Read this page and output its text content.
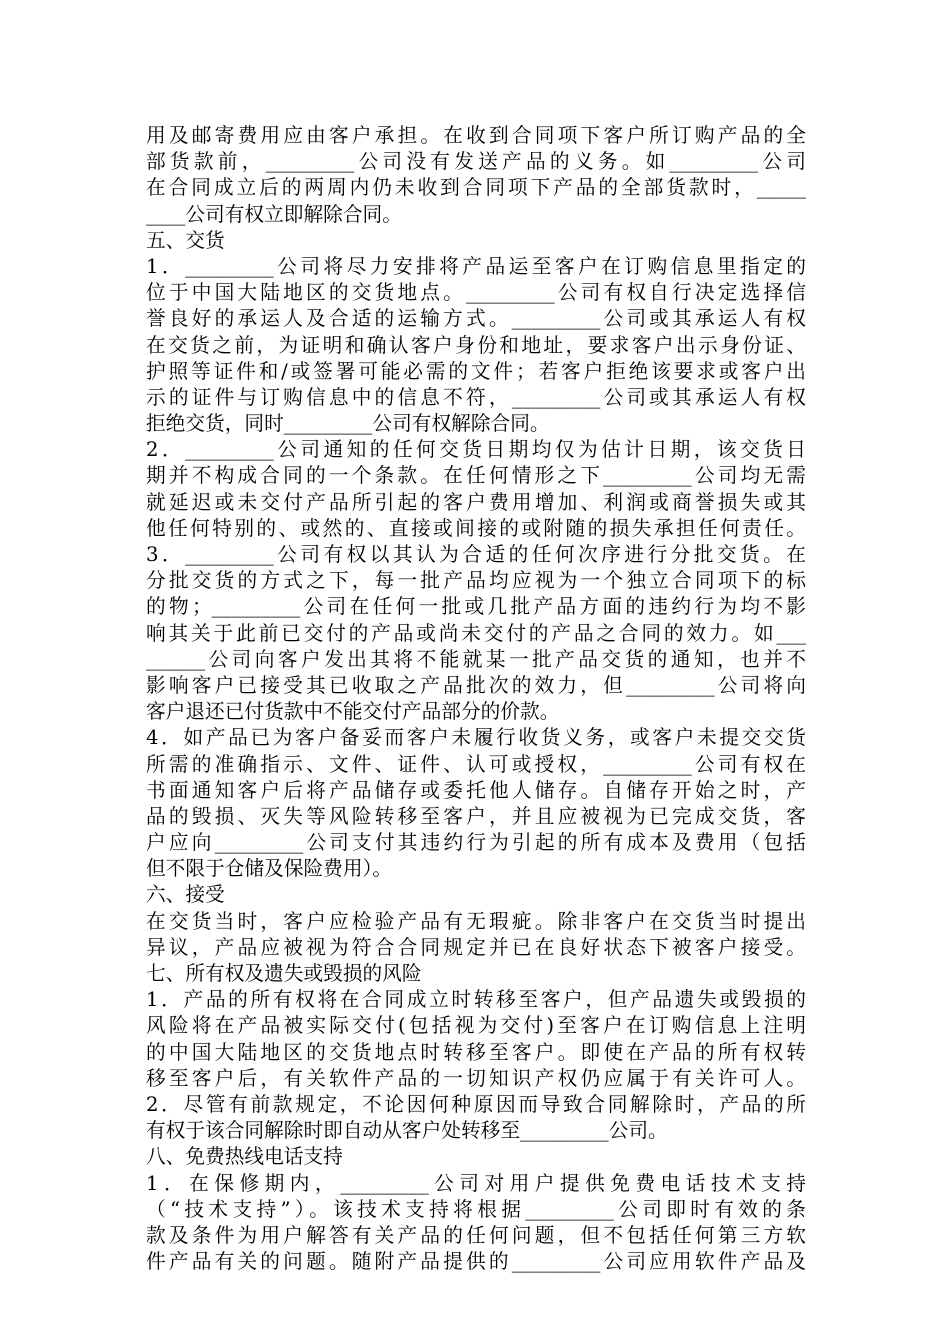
用及邮寄费用应由客户承担。在收到合同项下客户所订购产品的全
部货款前，_________公司没有发送产品的义务。如_________公司
在合同成立后的两周内仍未收到合同项下产品的全部货款时，_____
____公司有权立即解除合同。
五、交货
1．_________公司将尽力安排将产品运至客户在订购信息里指定的
位于中国大陆地区的交货地点。_________公司有权自行决定选择信
誉良好的承运人及合适的运输方式。_________公司或其承运人有权
在交货之前，为证明和确认客户身份和地址，要求客户出示身份证、
护照等证件和/或签署可能必需的文件；若客户拒绝该要求或客户出
示的证件与订购信息中的信息不符，_________公司或其承运人有权
拒绝交货，同时_________公司有权解除合同。
2．_________公司通知的任何交货日期均仅为估计日期，该交货日
期并不构成合同的一个条款。在任何情形之下_________公司均无需
就延迟或未交付产品所引起的客户费用增加、利润或商誉损失或其
他任何特别的、或然的、直接或间接的或附随的损失承担任何责任。
3．_________公司有权以其认为合适的任何次序进行分批交货。在
分批交货的方式之下，每一批产品均应视为一个独立合同项下的标
的物；_________公司在任何一批或几批产品方面的违约行为均不影
响其关于此前已交付的产品或尚未交付的产品之合同的效力。如___
______公司向客户发出其将不能就某一批产品交货的通知，也并不
影响客户已接受其已收取之产品批次的效力，但_________公司将向
客户退还已付货款中不能交付产品部分的价款。
4．如产品已为客户备妥而客户未履行收货义务，或客户未提交交货
所需的准确指示、文件、证件、认可或授权，_________公司有权在
书面通知客户后将产品储存或委托他人储存。自储存开始之时，产
品的毁损、灭失等风险转移至客户，并且应被视为已完成交货，客
户应向_________公司支付其违约行为引起的所有成本及费用（包括
但不限于仓储及保险费用）。
六、接受
在交货当时，客户应检验产品有无瑕疵。除非客户在交货当时提出
异议，产品应被视为符合合同规定并已在良好状态下被客户接受。
七、所有权及遗失或毁损的风险
1．产品的所有权将在合同成立时转移至客户，但产品遗失或毁损的
风险将在产品被实际交付(包括视为交付)至客户在订购信息上注明
的中国大陆地区的交货地点时转移至客户。即使在产品的所有权转
移至客户后，有关软件产品的一切知识产权仍应属于有关许可人。
2．尽管有前款规定，不论因何种原因而导致合同解除时，产品的所
有权于该合同解除时即自动从客户处转移至_________公司。
八、免费热线电话支持
1．在保修期内，_________公司对用户提供免费电话技术支持
（“技术支持”）。该技术支持将根据_________公司即时有效的条
款及条件为用户解答有关产品的任何问题，但不包括任何第三方软
件产品有关的问题。随附产品提供的_________公司应用软件产品及
